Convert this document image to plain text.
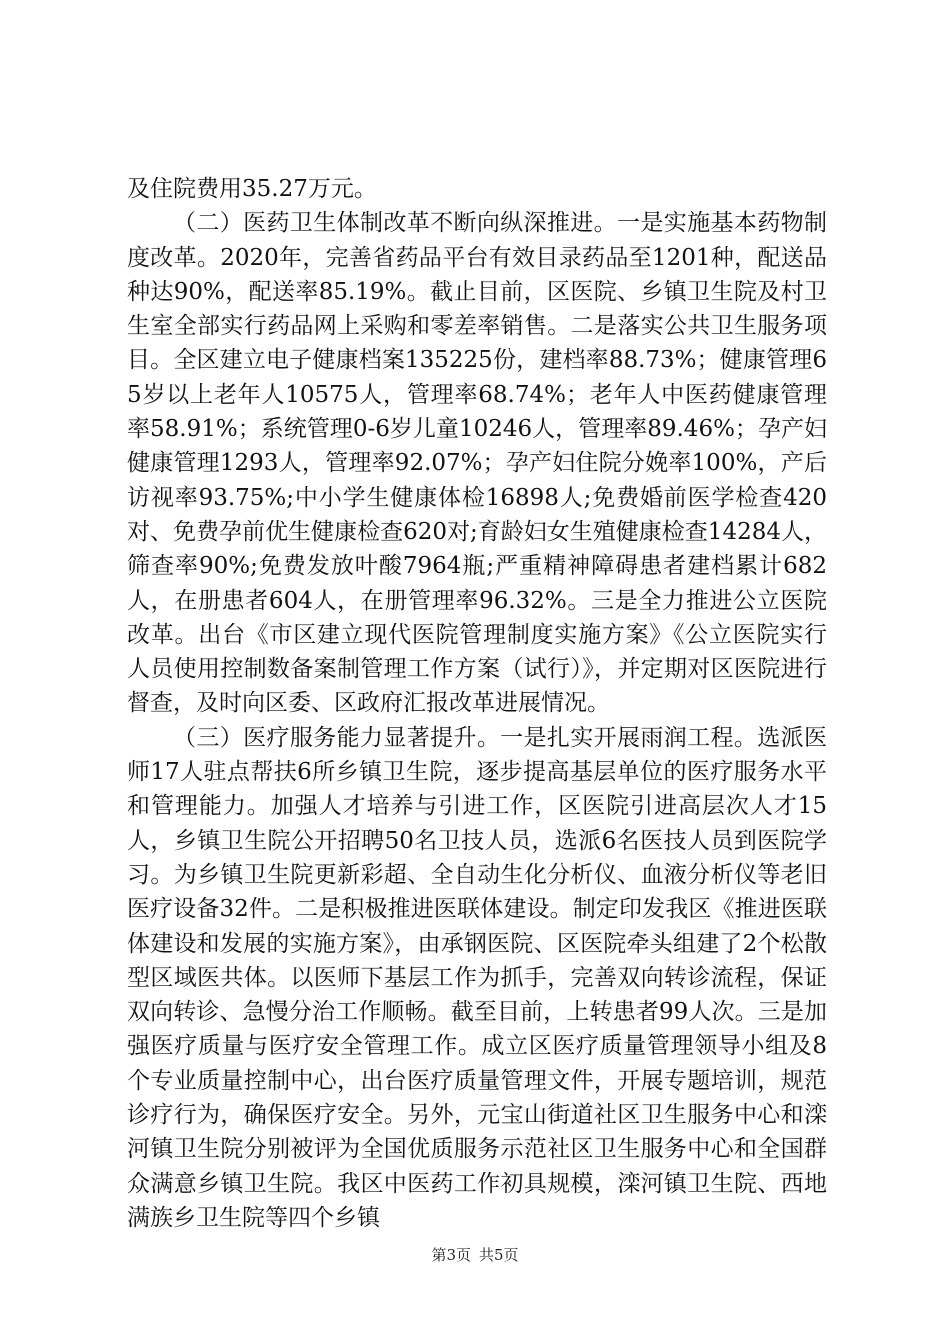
及住院费用35.27万元。

（二）医药卫生体制改革不断向纵深推进。一是实施基本药物制度改革。2020年，完善省药品平台有效目录药品至1201种，配送品种达90%，配送率85.19%。截止目前，区医院、乡镇卫生院及村卫生室全部实行药品网上采购和零差率销售。二是落实公共卫生服务项目。全区建立电子健康档案135225份，建档率88.73%；健康管理65岁以上老年人10575人，管理率68.74%；老年人中医药健康管理率58.91%；系统管理0-6岁儿童10246人，管理率89.46%；孕产妇健康管理1293人，管理率92.07%；孕产妇住院分娩率100%，产后访视率93.75%;中小学生健康体检16898人;免费婚前医学检查420对、免费孕前优生健康检查620对;育龄妇女生殖健康检查14284人，筛查率90%;免费发放叶酸7964瓶;严重精神障碍患者建档累计682人，在册患者604人，在册管理率96.32%。三是全力推进公立医院改革。出台《市区建立现代医院管理制度实施方案》《公立医院实行人员使用控制数备案制管理工作方案（试行）》，并定期对区医院进行督查，及时向区委、区政府汇报改革进展情况。

（三）医疗服务能力显著提升。一是扎实开展雨润工程。选派医师17人驻点帮扶6所乡镇卫生院，逐步提高基层单位的医疗服务水平和管理能力。加强人才培养与引进工作，区医院引进高层次人才15人，乡镇卫生院公开招聘50名卫技人员，选派6名医技人员到医院学习。为乡镇卫生院更新彩超、全自动生化分析仪、血液分析仪等老旧医疗设备32件。二是积极推进医联体建设。制定印发我区《推进医联体建设和发展的实施方案》，由承钢医院、区医院牵头组建了2个松散型区域医共体。以医师下基层工作为抓手，完善双向转诊流程，保证双向转诊、急慢分治工作顺畅。截至目前，上转患者99人次。三是加强医疗质量与医疗安全管理工作。成立区医疗质量管理领导小组及8个专业质量控制中心，出台医疗质量管理文件，开展专题培训，规范诊疗行为，确保医疗安全。另外，元宝山街道社区卫生服务中心和滦河镇卫生院分别被评为全国优质服务示范社区卫生服务中心和全国群众满意乡镇卫生院。我区中医药工作初具规模，滦河镇卫生院、西地满族乡卫生院等四个乡镇

第3页 共5页
